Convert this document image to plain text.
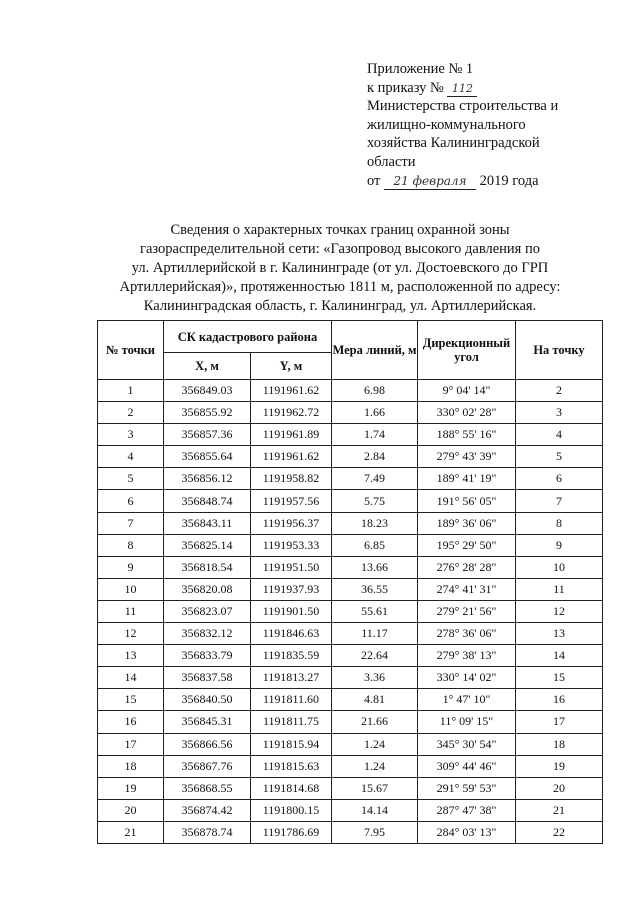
Приложение № 1
к приказу № 112
Министерства строительства и
жилищно-коммунального
хозяйства Калининградской
области
от 21 февраля 2019 года
Сведения о характерных точках границ охранной зоны
газораспределительной сети: «Газопровод высокого давления по
ул. Артиллерийской в г. Калининграде (от ул. Достоевского до ГРП
Артиллерийская)», протяженностью 1811 м, расположенной по адресу:
Калининградская область, г. Калининград, ул. Артиллерийская.
№ точки	СК кадастрового района		Мера линий, м	Дирекционный угол	На точку
	X, м	Y, м			
1	356849.03	1191961.62	6.98	9° 04' 14"	2
2	356855.92	1191962.72	1.66	330° 02' 28"	3
3	356857.36	1191961.89	1.74	188° 55' 16"	4
4	356855.64	1191961.62	2.84	279° 43' 39"	5
5	356856.12	1191958.82	7.49	189° 41' 19"	6
6	356848.74	1191957.56	5.75	191° 56' 05"	7
7	356843.11	1191956.37	18.23	189° 36' 06"	8
8	356825.14	1191953.33	6.85	195° 29' 50"	9
9	356818.54	1191951.50	13.66	276° 28' 28"	10
10	356820.08	1191937.93	36.55	274° 41' 31"	11
11	356823.07	1191901.50	55.61	279° 21' 56"	12
12	356832.12	1191846.63	11.17	278° 36' 06"	13
13	356833.79	1191835.59	22.64	279° 38' 13"	14
14	356837.58	1191813.27	3.36	330° 14' 02"	15
15	356840.50	1191811.60	4.81	1° 47' 10"	16
16	356845.31	1191811.75	21.66	11° 09' 15"	17
17	356866.56	1191815.94	1.24	345° 30' 54"	18
18	356867.76	1191815.63	1.24	309° 44' 46"	19
19	356868.55	1191814.68	15.67	291° 59' 53"	20
20	356874.42	1191800.15	14.14	287° 47' 38"	21
21	356878.74	1191786.69	7.95	284° 03' 13"	22
